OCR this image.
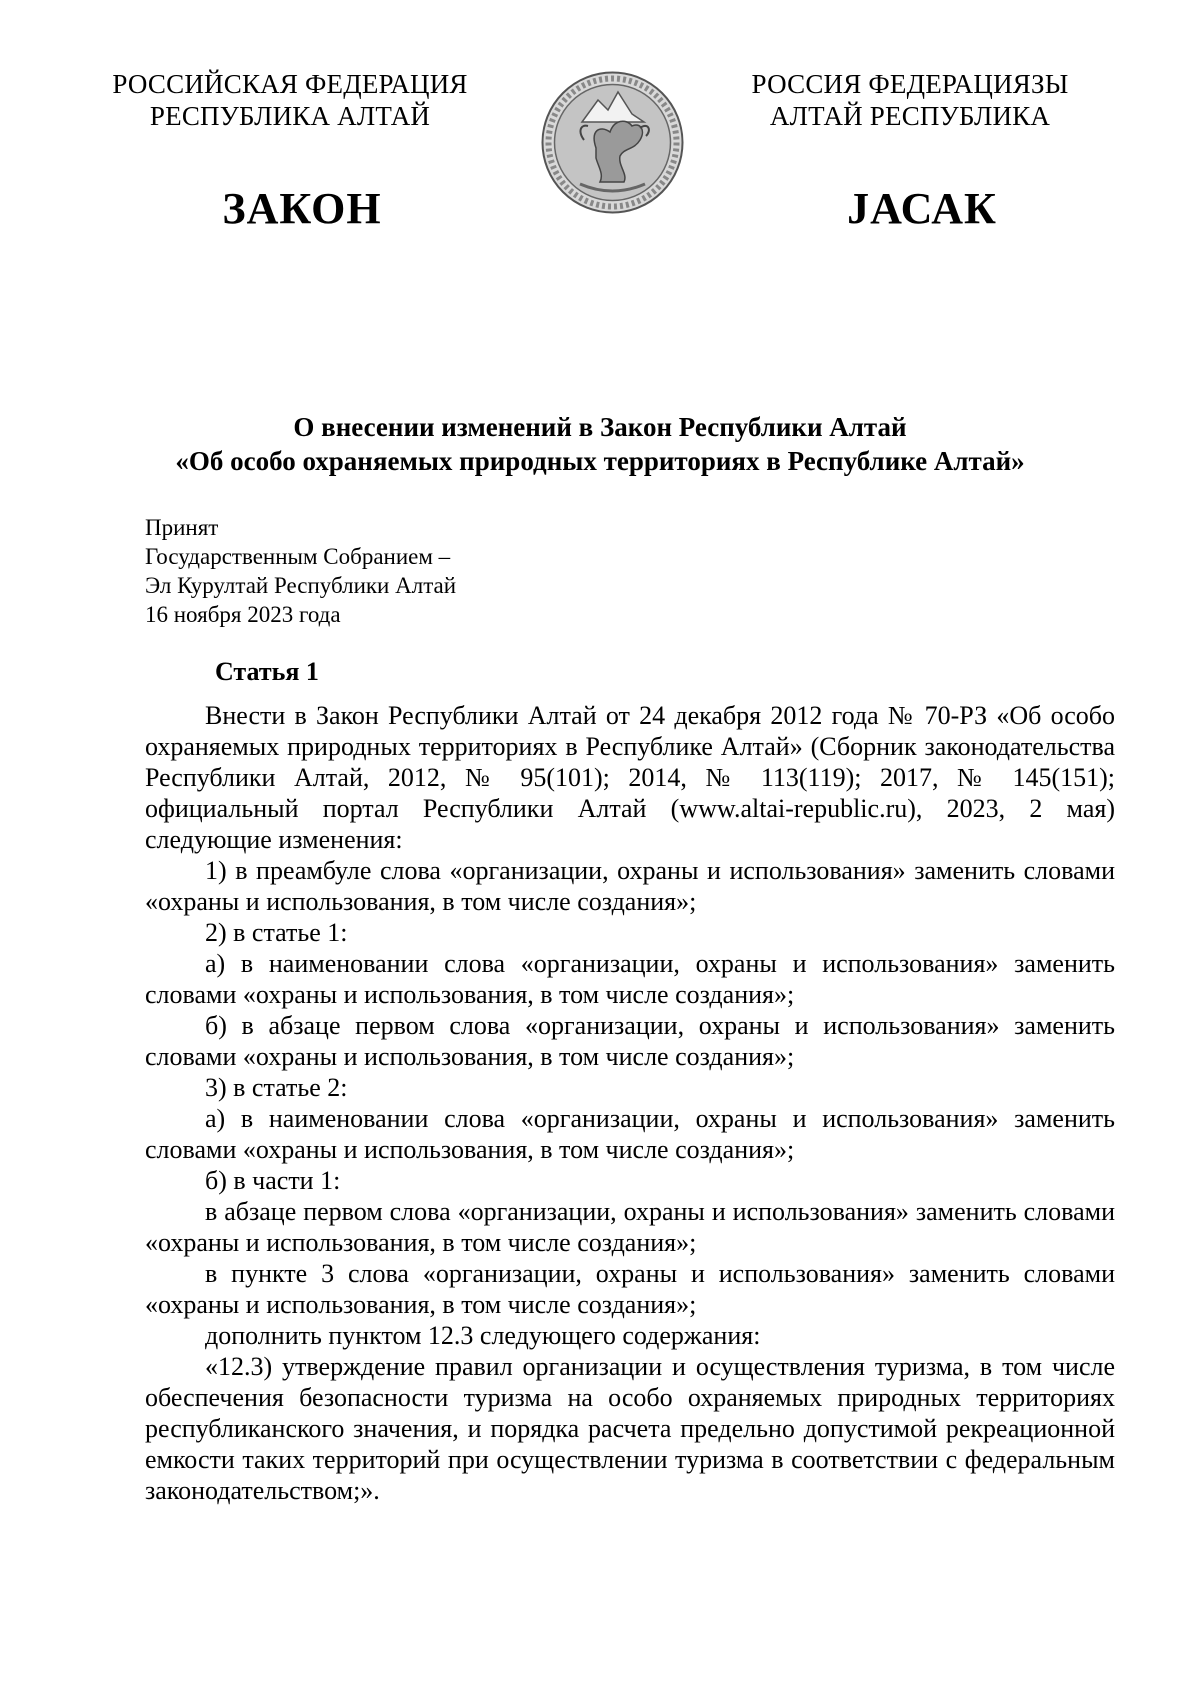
РОССИЙСКАЯ ФЕДЕРАЦИЯ
РЕСПУБЛИКА АЛТАЙ
РОССИЯ ФЕДЕРАЦИЯЗЫ
АЛТАЙ РЕСПУБЛИКА
ЗАКОН	JАСАК
О внесении изменений в Закон Республики Алтай
«Об особо охраняемых природных территориях в Республике Алтай»
Принят
Государственным Собранием –
Эл Курултай Республики Алтай
16 ноября 2023 года
Статья 1

Внести в Закон Республики Алтай от 24 декабря 2012 года № 70-РЗ «Об особо охраняемых природных территориях в Республике Алтай» (Сборник законодательства Республики Алтай, 2012, № 95(101); 2014, № 113(119); 2017, № 145(151); официальный портал Республики Алтай (www.altai-republic.ru), 2023, 2 мая) следующие изменения:

1) в преамбуле слова «организации, охраны и использования» заменить словами «охраны и использования, в том числе создания»;

2) в статье 1:

а) в наименовании слова «организации, охраны и использования» заменить словами «охраны и использования, в том числе создания»;

б) в абзаце первом слова «организации, охраны и использования» заменить словами «охраны и использования, в том числе создания»;

3) в статье 2:

а) в наименовании слова «организации, охраны и использования» заменить словами «охраны и использования, в том числе создания»;

б) в части 1:

в абзаце первом слова «организации, охраны и использования» заменить словами «охраны и использования, в том числе создания»;

в пункте 3 слова «организации, охраны и использования» заменить словами «охраны и использования, в том числе создания»;

дополнить пунктом 12.3 следующего содержания:

«12.3) утверждение правил организации и осуществления туризма, в том числе обеспечения безопасности туризма на особо охраняемых природных территориях республиканского значения, и порядка расчета предельно допустимой рекреационной емкости таких территорий при осуществлении туризма в соответствии с федеральным законодательством;».
